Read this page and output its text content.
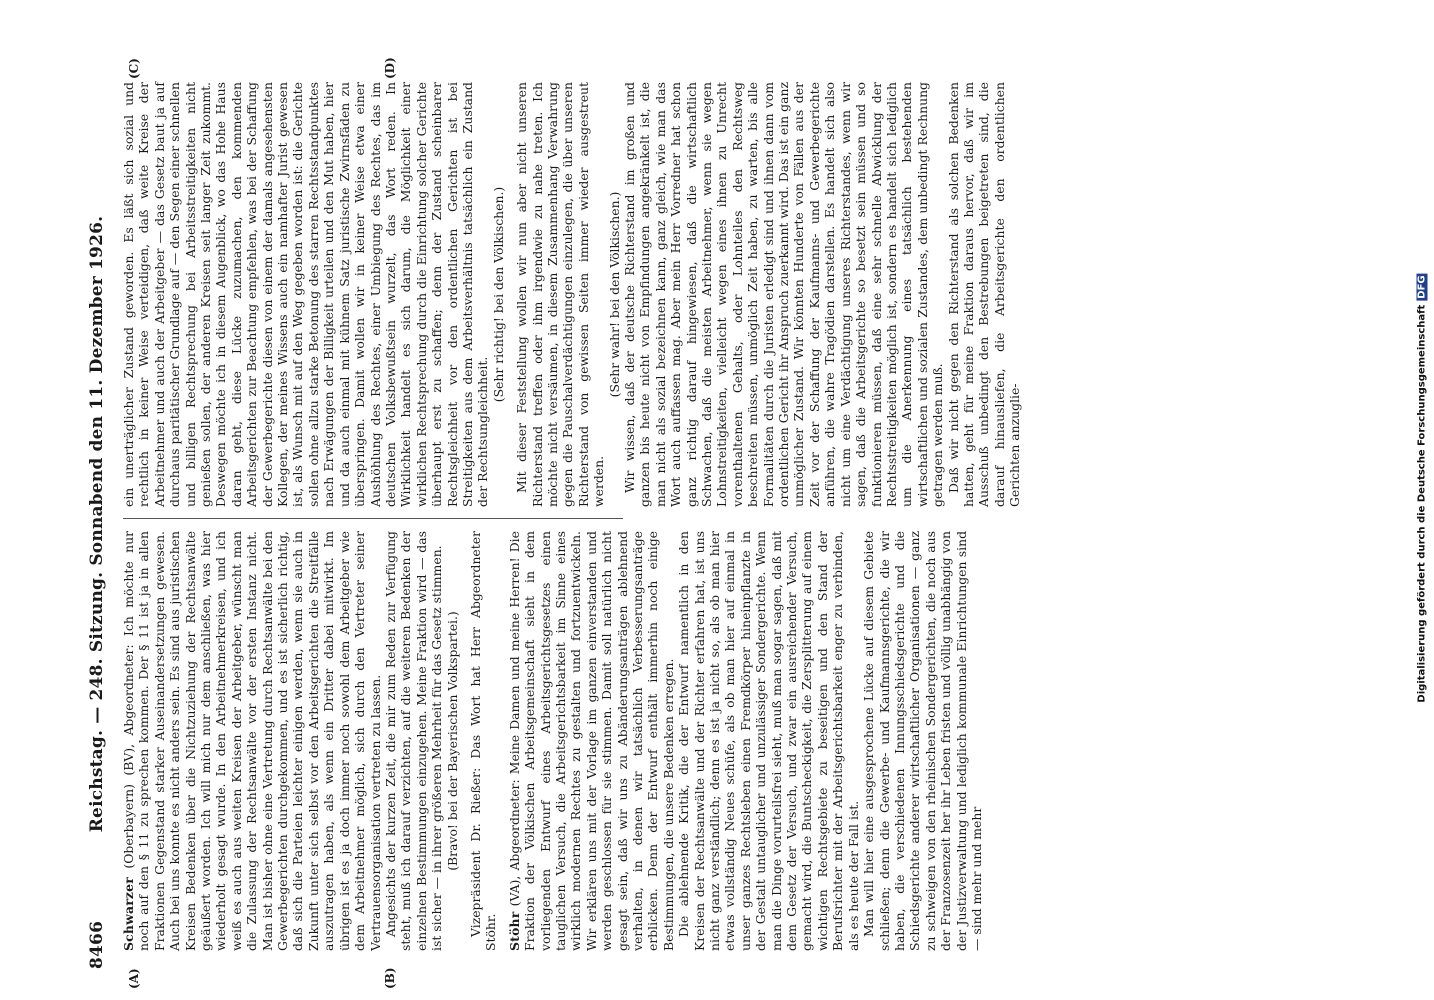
8466
Reichstag. — 248. Sitzung. Sonnabend den 11. Dezember 1926.
(A)	(B)
(C)	(D)

Schwarzer (Oberbayern) (BV), Abgeordneter: Ich möchte nur noch auf den § 11 zu sprechen kommen. Der § 11 ist ja in allen Fraktionen Gegenstand starker Auseinandersetzungen gewesen. Auch bei uns konnte es nicht anders sein. Es sind aus juristischen Kreisen Bedenken über die Nichtzuziehung der Rechtsanwälte geäußert worden. Ich will mich nur dem anschließen, was hier wiederholt gesagt wurde. In den Arbeitnehmerkreisen, und ich weiß es auch aus weiten Kreisen der Arbeitgeber, wünscht man die Zulassung der Rechtsanwälte vor der ersten Instanz nicht. Man ist bisher ohne eine Vertretung durch Rechtsanwälte bei den Gewerbegerichten durchgekommen, und es ist sicherlich richtig, daß sich die Parteien leichter einigen werden, wenn sie auch in Zukunft unter sich selbst vor den Arbeitsgerichten die Streitfälle auszutragen haben, als wenn ein Dritter dabei mitwirkt. Im übrigen ist es ja doch immer noch sowohl dem Arbeitgeber wie dem Arbeitnehmer möglich, sich durch den Vertreter seiner Vertrauensorganisation vertreten zu lassen. Angesichts der kurzen Zeit, die mir zum Reden zur Verfügung steht, muß ich darauf verzichten, auf die weiteren Bedenken der einzelnen Bestimmungen einzugehen. Meine Fraktion wird — das ist sicher — in ihrer größeren Mehrheit für das Gesetz stimmen. (Bravo! bei der Bayerischen Volkspartei.) Vizepräsident Dr. Rießer: Das Wort hat Herr Abgeordneter Stöhr. Stöhr (VA), Abgeordneter: Meine Damen und meine Herren! Die Fraktion der Völkischen Arbeitsgemeinschaft sieht in dem vorliegenden Entwurf eines Arbeitsgerichtsgesetzes einen tauglichen Versuch, die Arbeitsgerichtsbarkeit im Sinne eines wirklich modernen Rechtes zu gestalten und fortzuentwickeln. Wir erklären uns mit der Vorlage im ganzen einverstanden und werden geschlossen für sie stimmen. Damit soll natürlich nicht gesagt sein, daß wir uns zu Abänderungsanträgen ablehnend verhalten, in denen wir tatsächlich Verbesserungsanträge erblicken. Denn der Entwurf enthält immerhin noch einige Bestimmungen, die unsere Bedenken erregen. Die ablehnende Kritik, die der Entwurf namentlich in den Kreisen der Rechtsanwälte und der Richter erfahren hat, ist uns nicht ganz verständlich; denn es ist ja nicht so, als ob man hier etwas vollständig Neues schüfe, als ob man hier auf einmal in unser ganzes Rechtsleben einen Fremdkörper hineinpflanzte in der Gestalt untauglicher und unzulässiger Sondergerichte. Wenn man die Dinge vorurteilsfrei sieht, muß man sogar sagen, daß mit dem Gesetz der Versuch, und zwar ein ausreichender Versuch, gemacht wird, die Buntscheckigkeit, die Zersplitterung auf einem wichtigen Rechtsgebiete zu beseitigen und den Stand der Berufsrichter mit der Arbeitsgerichtsbarkeit enger zu verbinden, als es heute der Fall ist. Man will hier eine ausgesprochene Lücke auf diesem Gebiete schließen; denn die Gewerbe- und Kaufmannsgerichte, die wir haben, die verschiedenen Innungsschiedsgerichte und die Schiedsgerichte anderer wirtschaftlicher Organisationen — ganz zu schweigen von den rheinischen Sondergerichten, die noch aus der Franzosenzeit her ihr Leben fristen und völlig unabhängig von der Justizverwaltung und lediglich kommunale Einrichtungen sind — sind mehr und mehr

ein unerträglicher Zustand geworden. Es läßt sich sozial und rechtlich in keiner Weise verteidigen, daß weite Kreise der Arbeitnehmer und auch der Arbeitgeber — das Gesetz baut ja auf durchaus paritätischer Grundlage auf — den Segen einer schnellen und billigen Rechtsprechung bei Arbeitsstreitigkeiten nicht genießen sollen, der anderen Kreisen seit langer Zeit zukommt. Deswegen möchte ich in diesem Augenblick, wo das Hohe Haus daran geht, diese Lücke zuzumachen, den kommenden Arbeitsgerichten zur Beachtung empfehlen, was bei der Schaffung der Gewerbegerichte diesen von einem der damals angesehensten Kollegen, der meines Wissens auch ein namhafter Jurist gewesen ist, als Wunsch mit auf den Weg gegeben worden ist: die Gerichte sollen ohne allzu starke Betonung des starren Rechtsstandpunktes nach Erwägungen der Billigkeit urteilen und den Mut haben, hier und da auch einmal mit kühnem Satz juristische Zwirnsfäden zu überspringen. Damit wollen wir in keiner Weise etwa einer Aushöhlung des Rechtes, einer Umbiegung des Rechtes, das im deutschen Volksbewußtsein wurzelt, das Wort reden. In Wirklichkeit handelt es sich darum, die Möglichkeit einer wirklichen Rechtsprechung durch die Einrichtung solcher Gerichte überhaupt erst zu schaffen; denn der Zustand scheinbarer Rechtsgleichheit vor den ordentlichen Gerichten ist bei Streitigkeiten aus dem Arbeitsverhältnis tatsächlich ein Zustand der Rechtsungleichheit.

(Sehr richtig! bei den Völkischen.) Mit dieser Feststellung wollen wir nun aber nicht unseren Richterstand treffen oder ihm irgendwie zu nahe treten. Ich möchte nicht versäumen, in diesem Zusammenhang Verwahrung gegen die Pauschalverdächtigungen einzulegen, die über unseren Richterstand von gewissen Seiten immer wieder ausgestreut werden.

(Sehr wahr! bei den Völkischen.) Wir wissen, daß der deutsche Richterstand im großen und ganzen bis heute nicht von Empfindungen angekränkelt ist, die man nicht als sozial bezeichnen kann, ganz gleich, wie man das Wort auch auffassen mag. Aber mein Herr Vorredner hat schon ganz richtig darauf hingewiesen, daß die wirtschaftlich Schwachen, daß die meisten Arbeitnehmer, wenn sie wegen Lohnstreitigkeiten, vielleicht wegen eines ihnen zu Unrecht vorenthaltenen Gehalts, oder Lohnteiles den Rechtsweg beschreiten müssen, unmöglich Zeit haben, zu warten, bis alle Formalitäten durch die Juristen erledigt sind und ihnen dann vom ordentlichen Gericht ihr Anspruch zuerkannt wird. Das ist ein ganz unmöglicher Zustand. Wir könnten Hunderte von Fällen aus der Zeit vor der Schaffung der Kaufmanns- und Gewerbegerichte anführen, die wahre Tragödien darstellen. Es handelt sich also nicht um eine Verdächtigung unseres Richterstandes, wenn wir sagen, daß die Arbeitsgerichte so besetzt sein müssen und so funktionieren müssen, daß eine sehr schnelle Abwicklung der Rechtsstreitigkeiten möglich ist, sondern es handelt sich lediglich um die Anerkennung eines tatsächlich bestehenden wirtschaftlichen und sozialen Zustandes, dem unbedingt Rechnung getragen werden muß. Daß wir nicht gegen den Richterstand als solchen Bedenken hatten, geht für meine Fraktion daraus hervor, daß wir im Ausschuß unbedingt den Bestrebungen beigetreten sind, die darauf hinausliefen, die Arbeitsgerichte den ordentlichen Gerichten anzuglie-	Digitalisierung gefördert durch die Deutsche ForschungsgemeinschaftDFG
